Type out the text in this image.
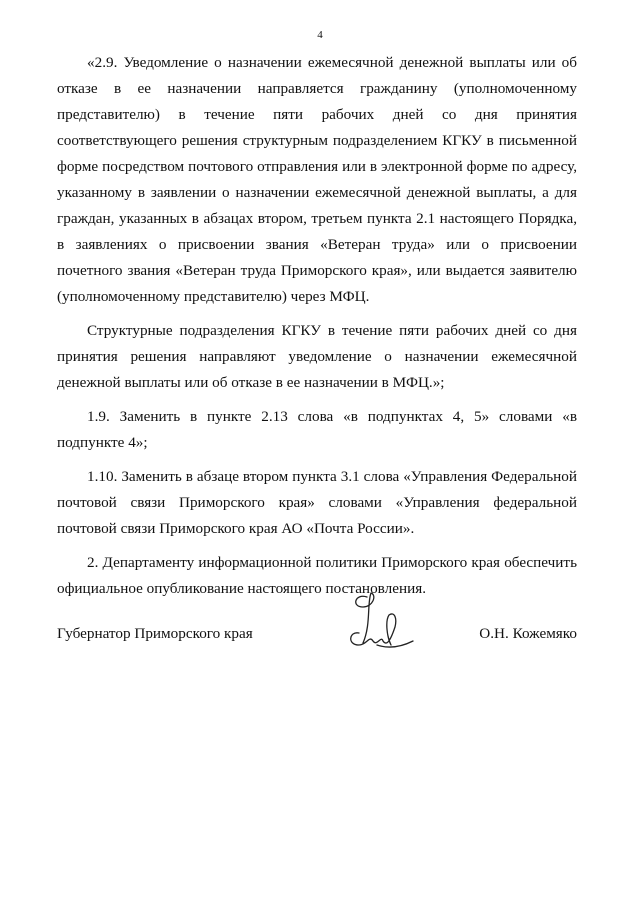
4

«2.9. Уведомление о назначении ежемесячной денежной выплаты или об отказе в ее назначении направляется гражданину (уполномоченному представителю) в течение пяти рабочих дней со дня принятия соответствующего решения структурным подразделением КГКУ в письменной форме посредством почтового отправления или в электронной форме по адресу, указанному в заявлении о назначении ежемесячной денежной выплаты, а для граждан, указанных в абзацах втором, третьем пункта 2.1 настоящего Порядка, в заявлениях о присвоении звания «Ветеран труда» или о присвоении почетного звания «Ветеран труда Приморского края», или выдается заявителю (уполномоченному представителю) через МФЦ.

Структурные подразделения КГКУ в течение пяти рабочих дней со дня принятия решения направляют уведомление о назначении ежемесячной денежной выплаты или об отказе в ее назначении в МФЦ.»;

1.9. Заменить в пункте 2.13 слова «в подпунктах 4, 5» словами «в подпункте 4»;

1.10. Заменить в абзаце втором пункта 3.1 слова «Управления Федеральной почтовой связи Приморского края» словами «Управления федеральной почтовой связи Приморского края АО «Почта России».

2. Департаменту информационной политики Приморского края обеспечить официальное опубликование настоящего постановления.

Губернатор Приморского края	О.Н. Кожемяко
